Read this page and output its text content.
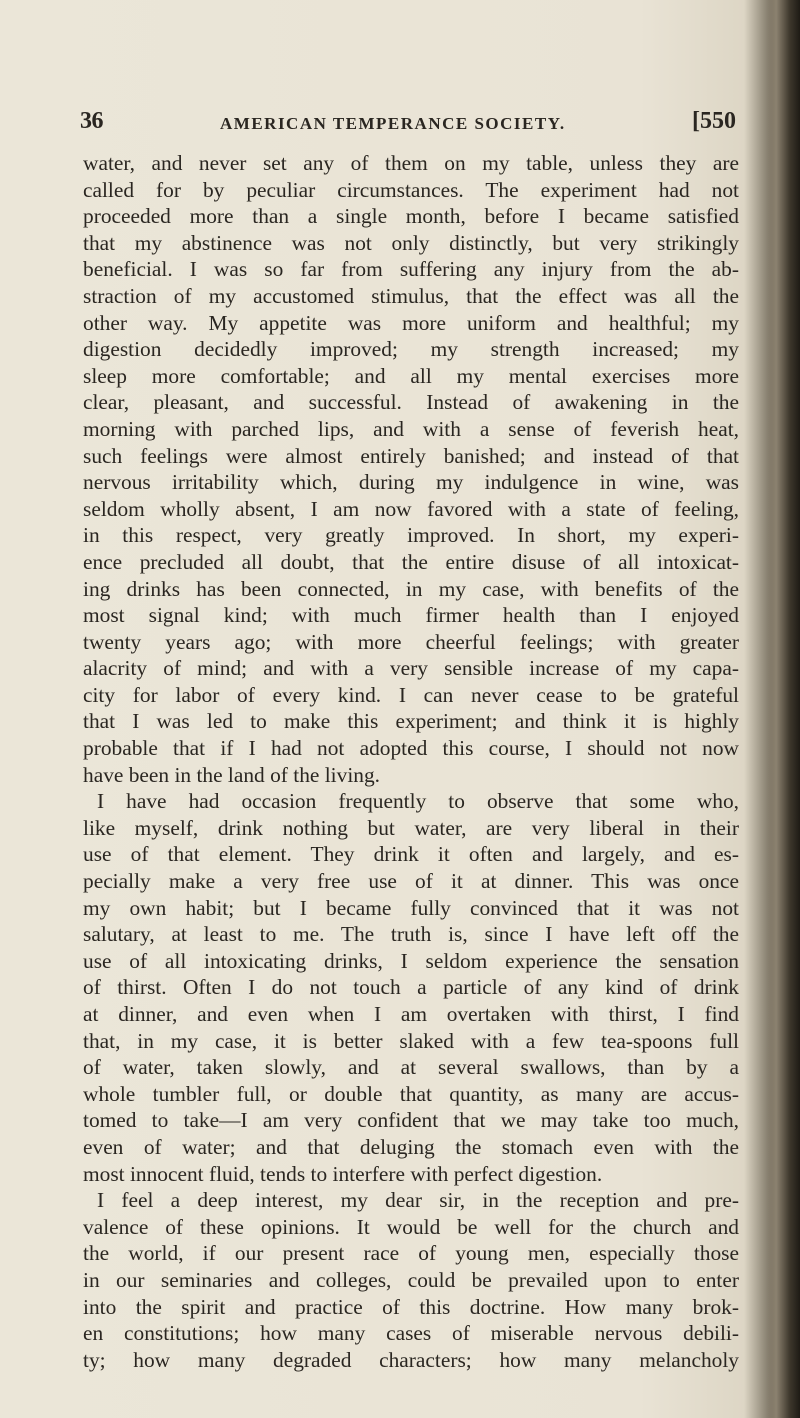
36	AMERICAN TEMPERANCE SOCIETY.	[550
water, and never set any of them on my table, unless they are
called for by peculiar circumstances. The experiment had not
proceeded more than a single month, before I became satisfied
that my abstinence was not only distinctly, but very strikingly
beneficial. I was so far from suffering any injury from the ab-
straction of my accustomed stimulus, that the effect was all the
other way. My appetite was more uniform and healthful; my
digestion decidedly improved; my strength increased; my
sleep more comfortable; and all my mental exercises more
clear, pleasant, and successful. Instead of awakening in the
morning with parched lips, and with a sense of feverish heat,
such feelings were almost entirely banished; and instead of that
nervous irritability which, during my indulgence in wine, was
seldom wholly absent, I am now favored with a state of feeling,
in this respect, very greatly improved. In short, my experi-
ence precluded all doubt, that the entire disuse of all intoxicat-
ing drinks has been connected, in my case, with benefits of the
most signal kind; with much firmer health than I enjoyed
twenty years ago; with more cheerful feelings; with greater
alacrity of mind; and with a very sensible increase of my capa-
city for labor of every kind. I can never cease to be grateful
that I was led to make this experiment; and think it is highly
probable that if I had not adopted this course, I should not now
have been in the land of the living.
I have had occasion frequently to observe that some who,
like myself, drink nothing but water, are very liberal in their
use of that element. They drink it often and largely, and es-
pecially make a very free use of it at dinner. This was once
my own habit; but I became fully convinced that it was not
salutary, at least to me. The truth is, since I have left off the
use of all intoxicating drinks, I seldom experience the sensation
of thirst. Often I do not touch a particle of any kind of drink
at dinner, and even when I am overtaken with thirst, I find
that, in my case, it is better slaked with a few tea-spoons full
of water, taken slowly, and at several swallows, than by a
whole tumbler full, or double that quantity, as many are accus-
tomed to take—I am very confident that we may take too much,
even of water; and that deluging the stomach even with the
most innocent fluid, tends to interfere with perfect digestion.
I feel a deep interest, my dear sir, in the reception and pre-
valence of these opinions. It would be well for the church and
the world, if our present race of young men, especially those
in our seminaries and colleges, could be prevailed upon to enter
into the spirit and practice of this doctrine. How many brok-
en constitutions; how many cases of miserable nervous debili-
ty; how many degraded characters; how many melancholy
